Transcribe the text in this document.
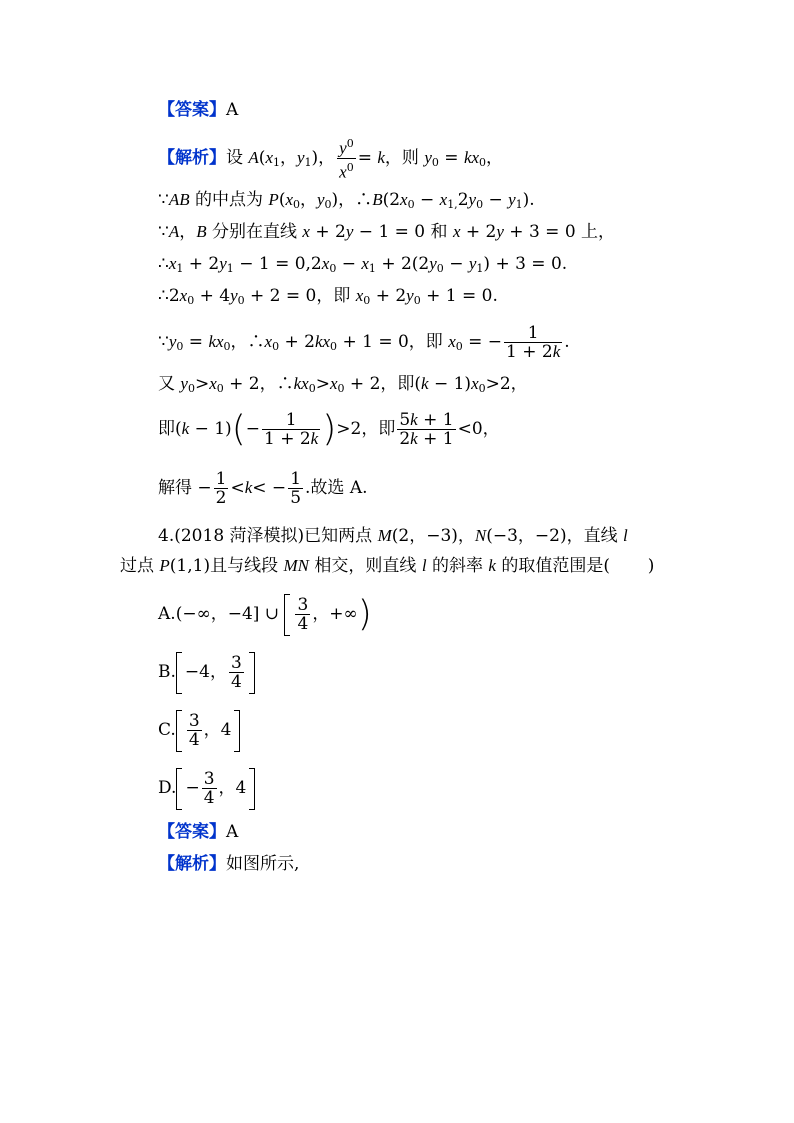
【答案】A
【解析】设 $A(x_1$，$y_1$)， $\frac{y^0}{x^0} = k$，则 $y_0 = kx_0$，
∵AB 的中点为 $P(x_0$，$y_0$)，$\therefore B(2x_0 - x_{1,}2y_0 - y_1)$.
∵A，B 分别在直线 x + 2y − 1 = 0 和 x + 2y + 3 = 0 上，
$\therefore x_1 + 2y_1 - 1 = 0,2x_0 - x_1 + 2(2y_0 - y_1) + 3 = 0$.
$\therefore 2x_0 + 4y_0 + 2 = 0$，即 $x_0 + 2y_0 + 1 = 0$.
$\because y_0 = kx_0$，$\therefore x_0 + 2kx_0 + 1 = 0$，即 $x_0$ = − $\frac{1}{1 + 2k}$ .
又 $y_0>x_0 + 2$，$\therefore kx_0>x_0 + 2$，即$(k - 1)x_0>2$，
即$(k - 1)(- \frac{1}{1 + 2k} )>2$，即 $\frac{5k + 1}{2k + 1} <0$，
解得 − $\frac{1}{2} <k< - \frac{1}{5}$ .故选 A.
4.(2018 菏泽模拟)已知两点 M(2，−3)，N(−3，−2)，直线 l
过点 P(1,1)且与线段 MN 相交，则直线 l 的斜率 k 的取值范围是(       )
A.(−∞，−4] ∪ $\frac{3}{4}$ ，+∞)
B. −4， $\frac{3}{4}$
C. $\frac{3}{4}$ ，4
D. − $\frac{3}{4}$ ，4
【答案】A
【解析】如图所示,
